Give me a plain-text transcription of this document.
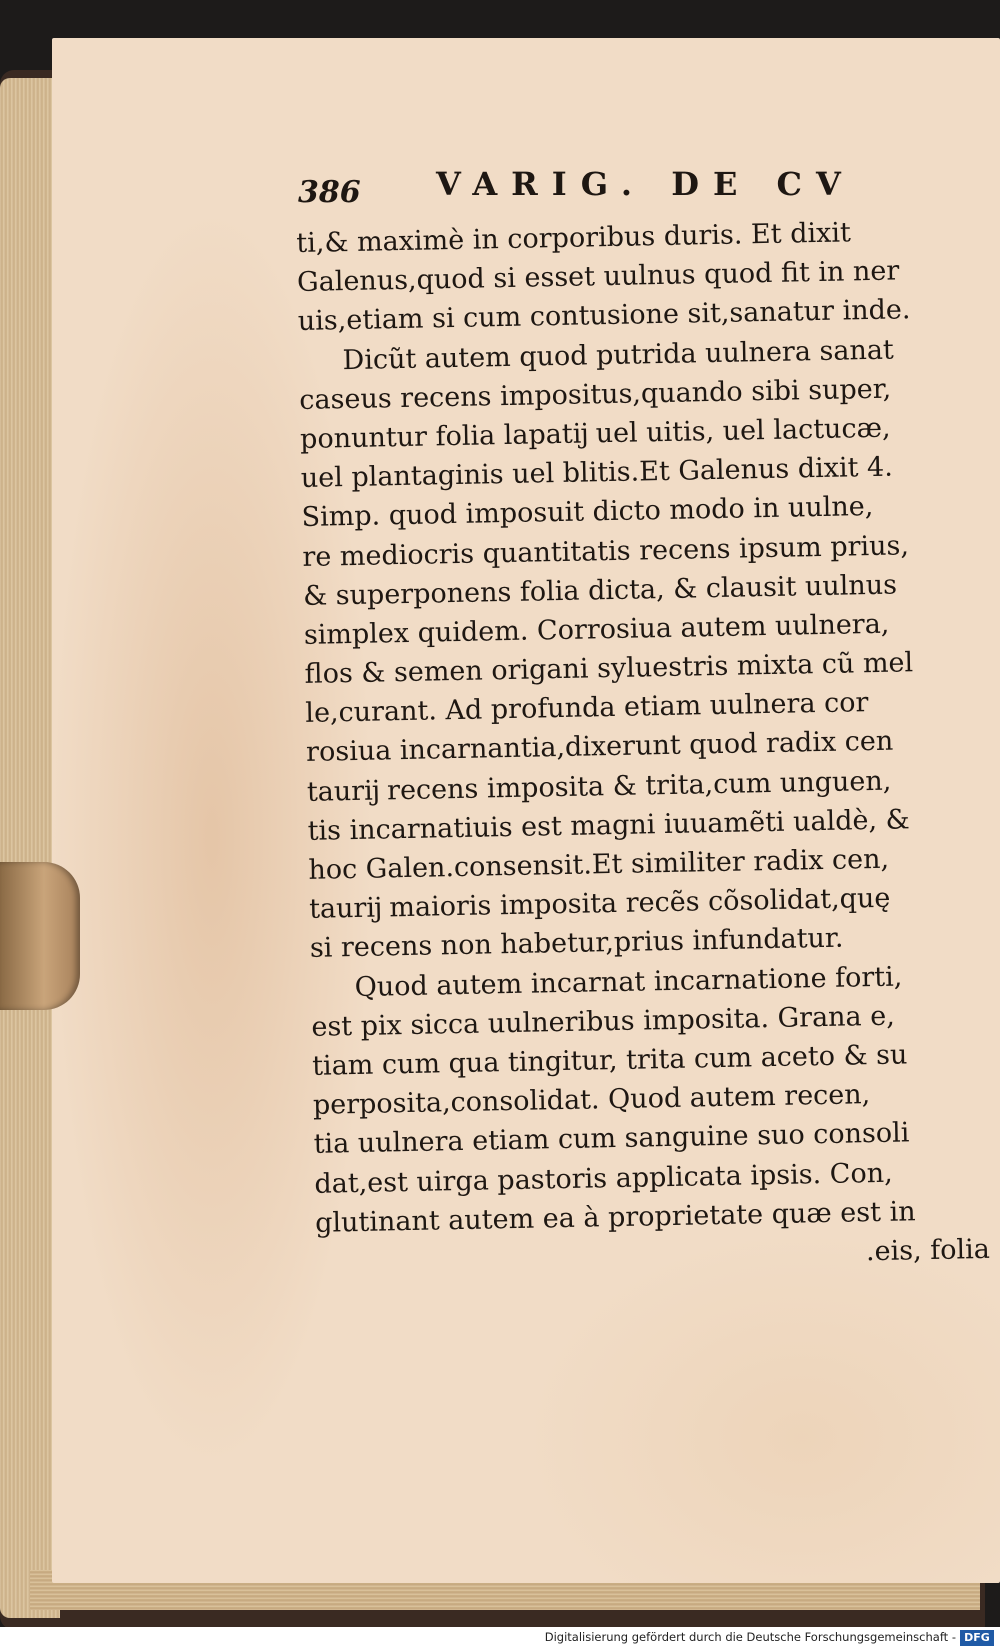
386 VARIG. DE CV
ti,& maximè in corporibus duris. Et dixit
Galenus,quod si esset uulnus quod fit in ner
uis,etiam si cum contusione sit,sanatur inde.
Dicũt autem quod putrida uulnera sanat
caseus recens impositus,quando sibi super,
ponuntur folia lapatĳ uel uitis, uel lactucæ,
uel plantaginis uel blitis.Et Galenus dixit 4.
Simp. quod imposuit dicto modo in uulne,
re mediocris quantitatis recens ipsum prius,
& superponens folia dicta, & clausit uulnus
simplex quidem. Corrosiua autem uulnera,
flos & semen origani syluestris mixta cũ mel
le,curant. Ad profunda etiam uulnera cor
rosiua incarnantia,dixerunt quod radix cen
taurĳ recens imposita & trita,cum unguen,
tis incarnatiuis est magni iuuamẽti ualdè, &
hoc Galen.consensit.Et similiter radix cen,
taurĳ maioris imposita recẽs cõsolidat,quę
si recens non habetur,prius infundatur.
Quod autem incarnat incarnatione forti,
est pix sicca uulneribus imposita. Grana e,
tiam cum qua tingitur, trita cum aceto & su
perposita,consolidat. Quod autem recen,
tia uulnera etiam cum sanguine suo consoli
dat,est uirga pastoris applicata ipsis. Con,
glutinant autem ea à proprietate quæ est in
.eis, folia
Digitalisierung gefördert durch die Deutsche Forschungsgemeinschaft - DFG
